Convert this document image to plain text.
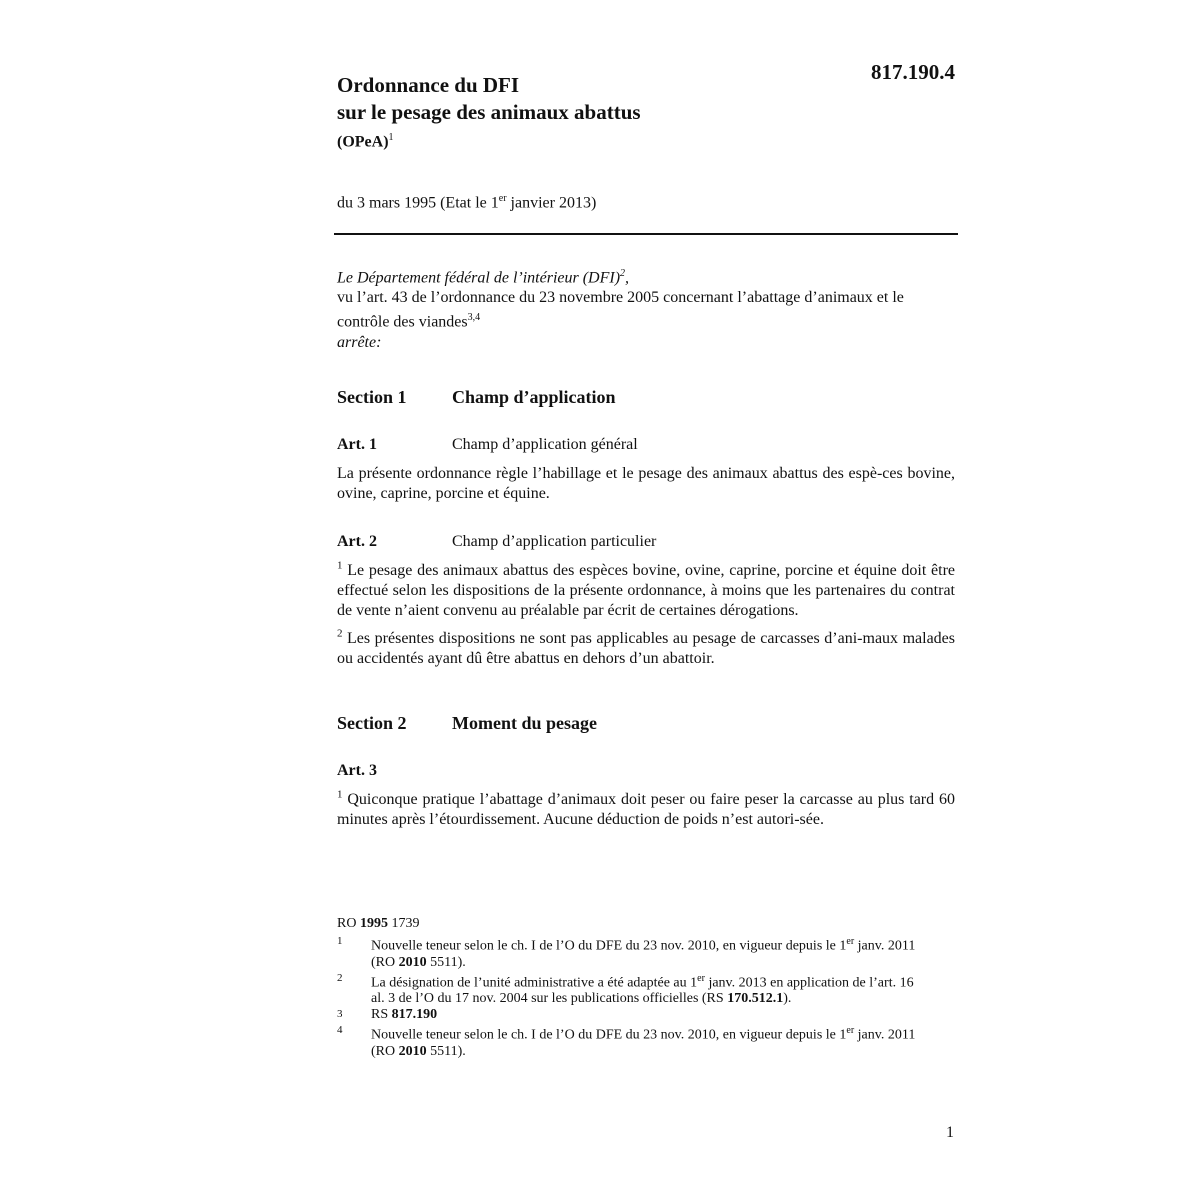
817.190.4
Ordonnance du DFI
sur le pesage des animaux abattus
(OPeA)$^1$
du 3 mars 1995 (Etat le 1er janvier 2013)

Le Département fédéral de l’intérieur (DFI)$^2$,

vu l’art. 43 de l’ordonnance du 23 novembre 2005 concernant l’abattage d’animaux et le contrôle des viandes$^{3,4}$

arrête:

Section 1	Champ d’application
Art. 1	Champ d’application général

La présente ordonnance règle l’habillage et le pesage des animaux abattus des espè-ces bovine, ovine, caprine, porcine et équine.

Art. 2	Champ d’application particulier

$^1$ Le pesage des animaux abattus des espèces bovine, ovine, caprine, porcine et équine doit être effectué selon les dispositions de la présente ordonnance, à moins que les partenaires du contrat de vente n’aient convenu au préalable par écrit de certaines dérogations.

$^2$ Les présentes dispositions ne sont pas applicables au pesage de carcasses d’ani-maux malades ou accidentés ayant dû être abattus en dehors d’un abattoir.

Section 2	Moment du pesage
Art. 3

$^1$ Quiconque pratique l’abattage d’animaux doit peser ou faire peser la carcasse au plus tard 60 minutes après l’étourdissement. Aucune déduction de poids n’est autori-sée.

RO 1995 1739
1	Nouvelle teneur selon le ch. I de l’O du DFE du 23 nov. 2010, en vigueur depuis le 1er janv. 2011 (RO 2010 5511).
2	La désignation de l’unité administrative a été adaptée au 1er janv. 2013 en application de l’art. 16 al. 3 de l’O du 17 nov. 2004 sur les publications officielles (RS 170.512.1).
3	RS 817.190
4	Nouvelle teneur selon le ch. I de l’O du DFE du 23 nov. 2010, en vigueur depuis le 1er janv. 2011 (RO 2010 5511).
1
